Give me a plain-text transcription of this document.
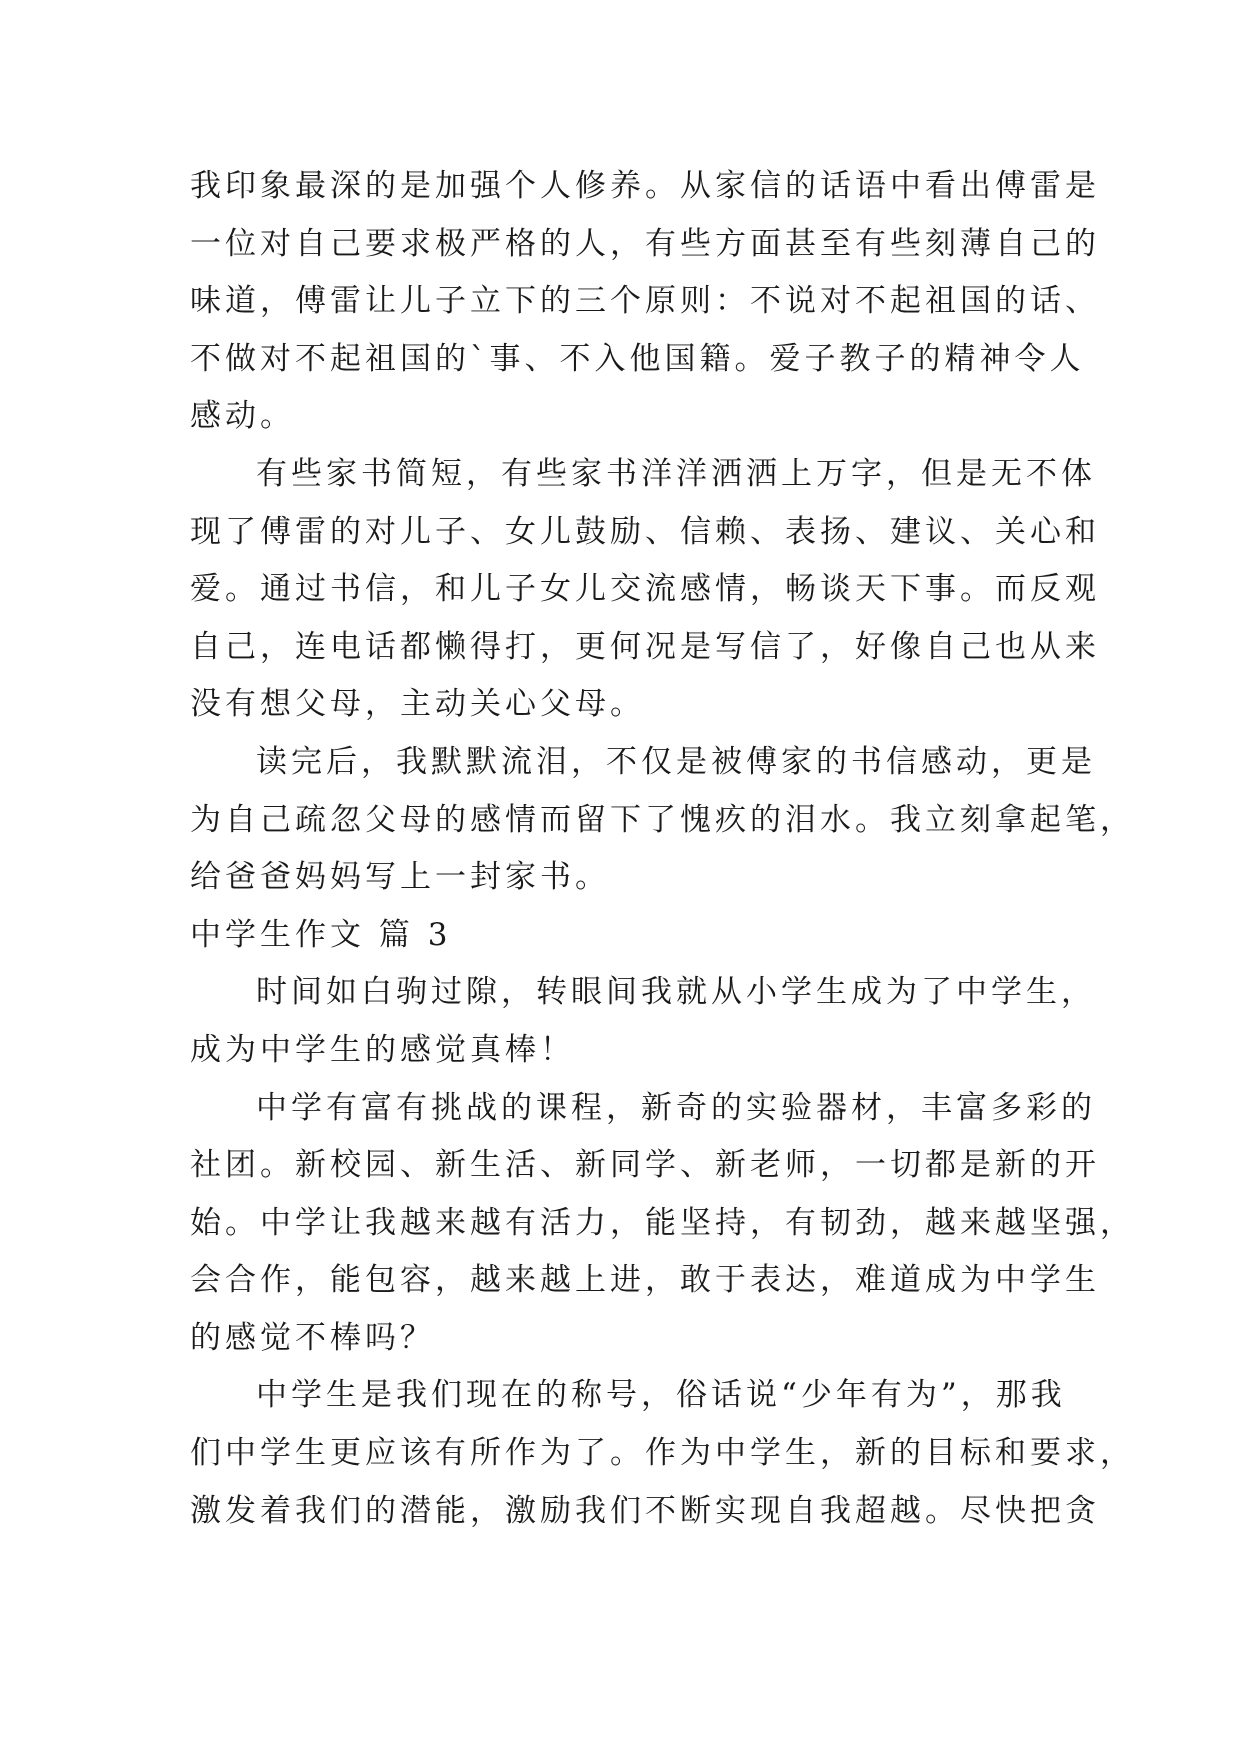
我印象最深的是加强个人修养。从家信的话语中看出傅雷是
一位对自己要求极严格的人，有些方面甚至有些刻薄自己的
味道，傅雷让儿子立下的三个原则：不说对不起祖国的话、
不做对不起祖国的`事、不入他国籍。爱子教子的精神令人
感动。
有些家书简短，有些家书洋洋洒洒上万字，但是无不体
现了傅雷的对儿子、女儿鼓励、信赖、表扬、建议、关心和
爱。通过书信，和儿子女儿交流感情，畅谈天下事。而反观
自己，连电话都懒得打，更何况是写信了，好像自己也从来
没有想父母，主动关心父母。
读完后，我默默流泪，不仅是被傅家的书信感动，更是
为自己疏忽父母的感情而留下了愧疚的泪水。我立刻拿起笔，
给爸爸妈妈写上一封家书。
中学生作文 篇 3
时间如白驹过隙，转眼间我就从小学生成为了中学生，
成为中学生的感觉真棒！
中学有富有挑战的课程，新奇的实验器材，丰富多彩的
社团。新校园、新生活、新同学、新老师，一切都是新的开
始。中学让我越来越有活力，能坚持，有韧劲，越来越坚强，
会合作，能包容，越来越上进，敢于表达，难道成为中学生
的感觉不棒吗？
中学生是我们现在的称号，俗话说“少年有为”，那我
们中学生更应该有所作为了。作为中学生，新的目标和要求，
激发着我们的潜能，激励我们不断实现自我超越。尽快把贪
